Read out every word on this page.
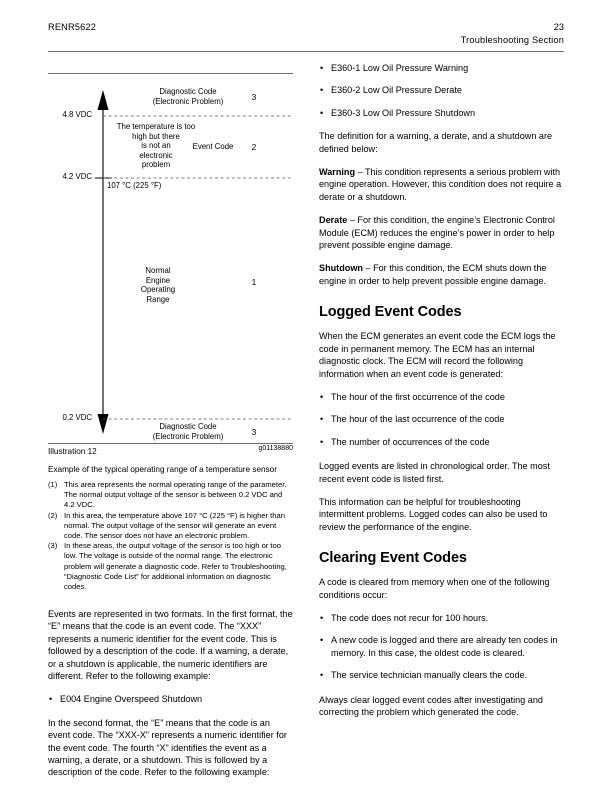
RENR5622	23
Troubleshooting Section
4.8 VDC
4.2 VDC
0.2 VDC
Diagnostic Code
(Electronic Problem)	3
The temperature is too
high but there
is not an
electronic
problem
Event Code	2
107 °C (225 °F)
Normal
Engine
Operating
Range
1
Diagnostic Code
(Electronic Problem)	3
Illustration 12	g01138880
Example of the typical operating range of a temperature sensor
(1) This area represents the normal operating range of the parameter. The normal output voltage of the sensor is between 0.2 VDC and 4.2 VDC.
(2) In this area, the temperature above 107 °C (225 °F) is higher than normal. The output voltage of the sensor will generate an event code. The sensor does not have an electronic problem.
(3) In these areas, the output voltage of the sensor is too high or too low. The voltage is outside of the normal range. The electronic problem will generate a diagnostic code. Refer to Troubleshooting, “Diagnostic Code List” for additional information on diagnostic codes.

Events are represented in two formats. In the first format, the “E” means that the code is an event code. The “XXX” represents a numeric identifier for the event code. This is followed by a description of the code. If a warning, a derate, or a shutdown is applicable, the numeric identifiers are different. Refer to the following example:

• E004 Engine Overspeed Shutdown

In the second format, the “E” means that the code is an event code. The “XXX-X” represents a numeric identifier for the event code. The fourth “X” identifies the event as a warning, a derate, or a shutdown. This is followed by a description of the code. Refer to the following example:

• E360-1 Low Oil Pressure Warning
• E360-2 Low Oil Pressure Derate
• E360-3 Low Oil Pressure Shutdown

The definition for a warning, a derate, and a shutdown are defined below:

Warning – This condition represents a serious problem with engine operation. However, this condition does not require a derate or a shutdown.

Derate – For this condition, the engine’s Electronic Control Module (ECM) reduces the engine’s power in order to help prevent possible engine damage.

Shutdown – For this condition, the ECM shuts down the engine in order to help prevent possible engine damage.

Logged Event Codes

When the ECM generates an event code the ECM logs the code in permanent memory. The ECM has an internal diagnostic clock. The ECM will record the following information when an event code is generated:

• The hour of the first occurrence of the code
• The hour of the last occurrence of the code
• The number of occurrences of the code

Logged events are listed in chronological order. The most recent event code is listed first.

This information can be helpful for troubleshooting intermittent problems. Logged codes can also be used to review the performance of the engine.

Clearing Event Codes

A code is cleared from memory when one of the following conditions occur:

• The code does not recur for 100 hours.
• A new code is logged and there are already ten codes in memory. In this case, the oldest code is cleared.
• The service technician manually clears the code.

Always clear logged event codes after investigating and correcting the problem which generated the code.
